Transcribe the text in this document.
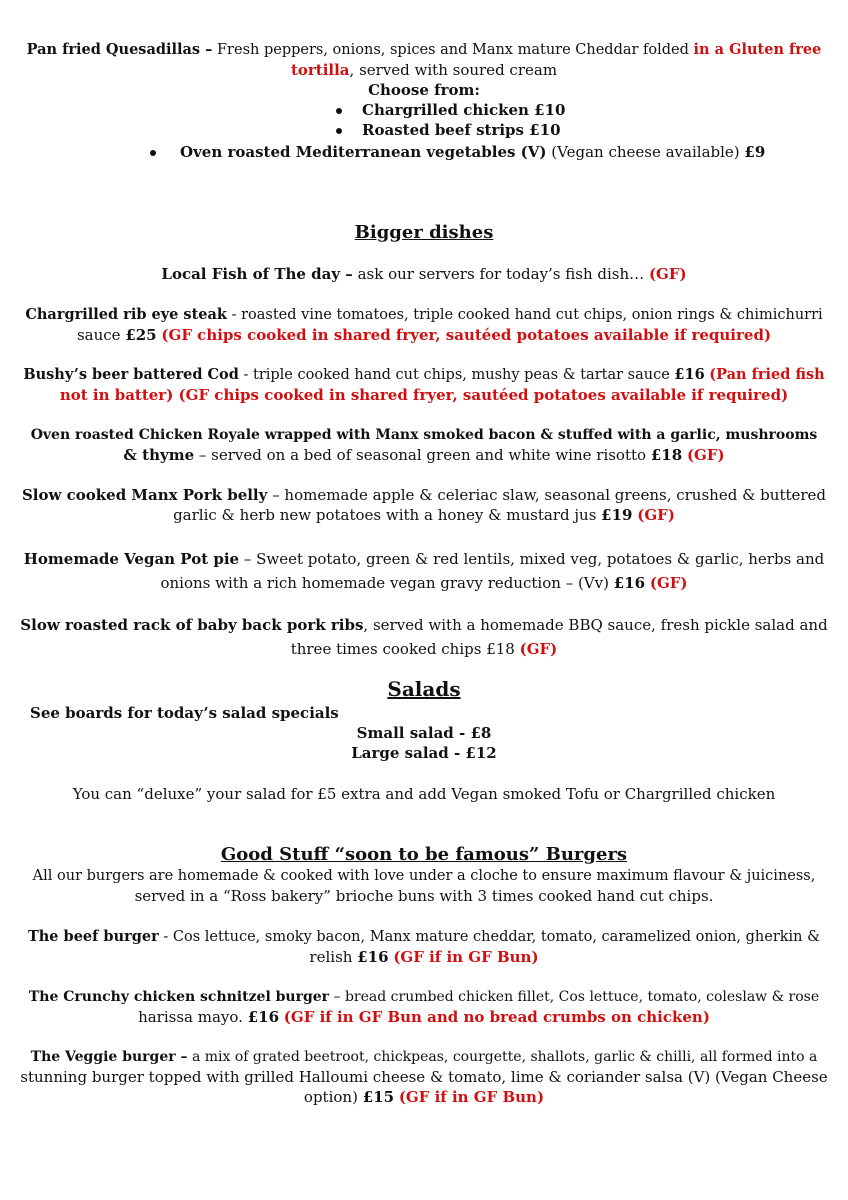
Pan fried Quesadillas – Fresh peppers, onions, spices and Manx mature Cheddar folded in a Gluten free
tortilla, served with soured cream
Choose from:
Chargrilled chicken £10
Roasted beef strips £10
Oven roasted Mediterranean vegetables (V) (Vegan cheese available) £9
Bigger dishes
Local Fish of The day – ask our servers for today’s fish dish… (GF)
Chargrilled rib eye steak - roasted vine tomatoes, triple cooked hand cut chips, onion rings & chimichurri
sauce £25 (GF chips cooked in shared fryer, sautéed potatoes available if required)
Bushy’s beer battered Cod - triple cooked hand cut chips, mushy peas & tartar sauce £16 (Pan fried fish
not in batter) (GF chips cooked in shared fryer, sautéed potatoes available if required)
Oven roasted Chicken Royale wrapped with Manx smoked bacon & stuffed with a garlic, mushrooms
& thyme – served on a bed of seasonal green and white wine risotto £18 (GF)
Slow cooked Manx Pork belly – homemade apple & celeriac slaw, seasonal greens, crushed & buttered
garlic & herb new potatoes with a honey & mustard jus £19 (GF)
Homemade Vegan Pot pie – Sweet potato, green & red lentils, mixed veg, potatoes & garlic, herbs and
onions with a rich homemade vegan gravy reduction – (Vv) £16 (GF)
Slow roasted rack of baby back pork ribs, served with a homemade BBQ sauce, fresh pickle salad and
three times cooked chips £18 (GF)
Salads
See boards for today’s salad specials
Small salad - £8
Large salad - £12
You can “deluxe” your salad for £5 extra and add Vegan smoked Tofu or Chargrilled chicken
Good Stuff “soon to be famous” Burgers
All our burgers are homemade & cooked with love under a cloche to ensure maximum flavour & juiciness,
served in a “Ross bakery” brioche buns with 3 times cooked hand cut chips.
The beef burger - Cos lettuce, smoky bacon, Manx mature cheddar, tomato, caramelized onion, gherkin &
relish £16 (GF if in GF Bun)
The Crunchy chicken schnitzel burger – bread crumbed chicken fillet, Cos lettuce, tomato, coleslaw & rose
harissa mayo. £16 (GF if in GF Bun and no bread crumbs on chicken)
The Veggie burger – a mix of grated beetroot, chickpeas, courgette, shallots, garlic & chilli, all formed into a
stunning burger topped with grilled Halloumi cheese & tomato, lime & coriander salsa (V) (Vegan Cheese
option) £15 (GF if in GF Bun)
